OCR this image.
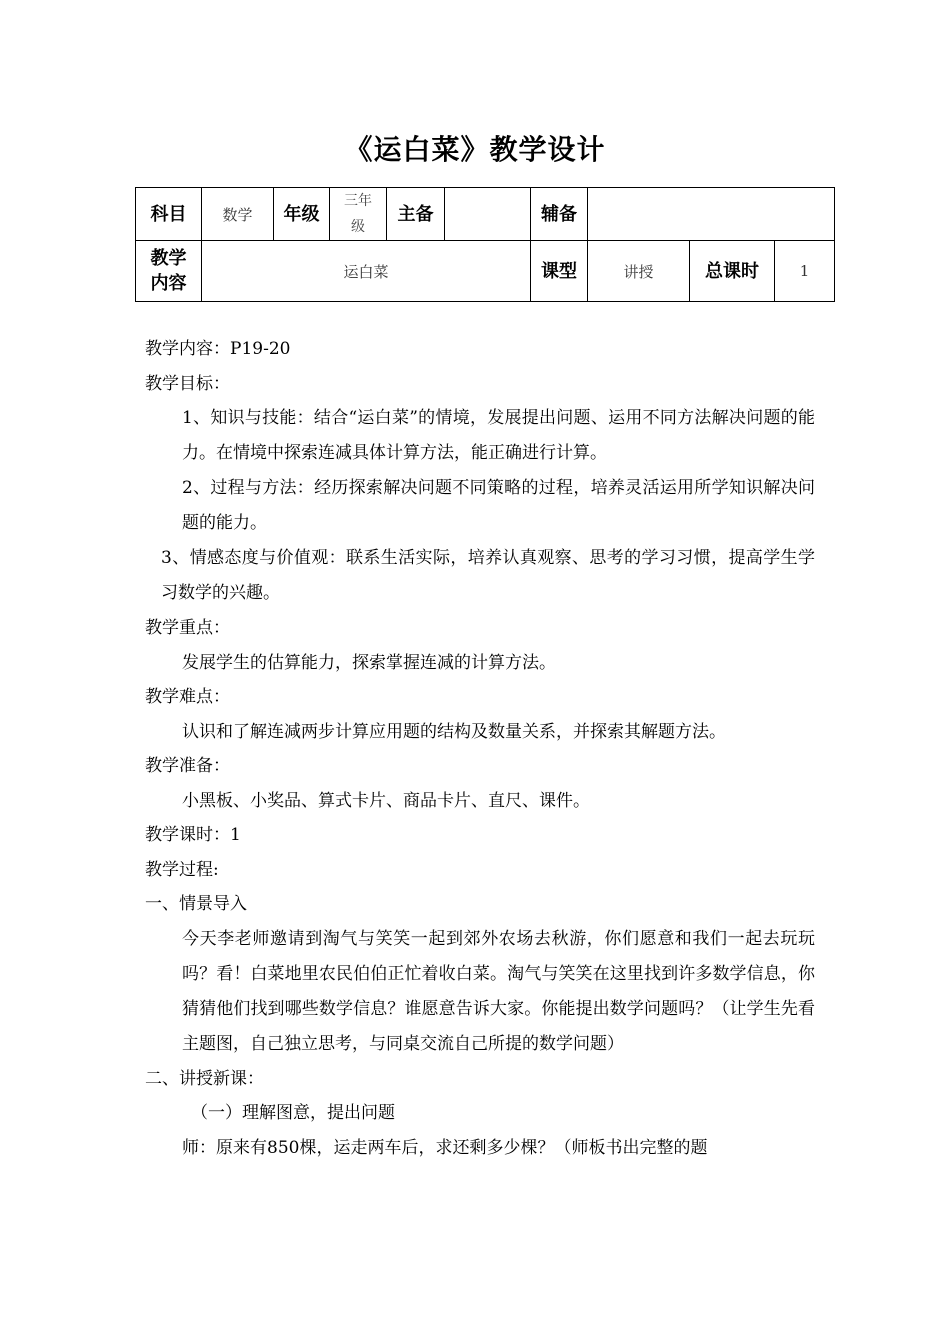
《运白菜》教学设计
科目	数学	年级	三年级	主备		辅备			

教学内容	运白菜					课型	讲授	总课时	1
教学内容：P19-20
教学目标：
1、知识与技能：结合“运白菜”的情境，发展提出问题、运用不同方法解决问题的能力。在情境中探索连减具体计算方法，能正确进行计算。
2、过程与方法：经历探索解决问题不同策略的过程，培养灵活运用所学知识解决问题的能力。
3、情感态度与价值观：联系生活实际，培养认真观察、思考的学习习惯，提高学生学习数学的兴趣。
教学重点：
发展学生的估算能力，探索掌握连减的计算方法。
教学难点：
认识和了解连减两步计算应用题的结构及数量关系，并探索其解题方法。
教学准备：
小黑板、小奖品、算式卡片、商品卡片、直尺、课件。
教学课时：1
教学过程:
一、情景导入
今天李老师邀请到淘气与笑笑一起到郊外农场去秋游，你们愿意和我们一起去玩玩吗？看！白菜地里农民伯伯正忙着收白菜。淘气与笑笑在这里找到许多数学信息，你猜猜他们找到哪些数学信息？谁愿意告诉大家。你能提出数学问题吗？（让学生先看主题图，自己独立思考，与同桌交流自己所提的数学问题）
二、讲授新课：
（一）理解图意，提出问题
师：原来有850棵，运走两车后，求还剩多少棵？（师板书出完整的题
